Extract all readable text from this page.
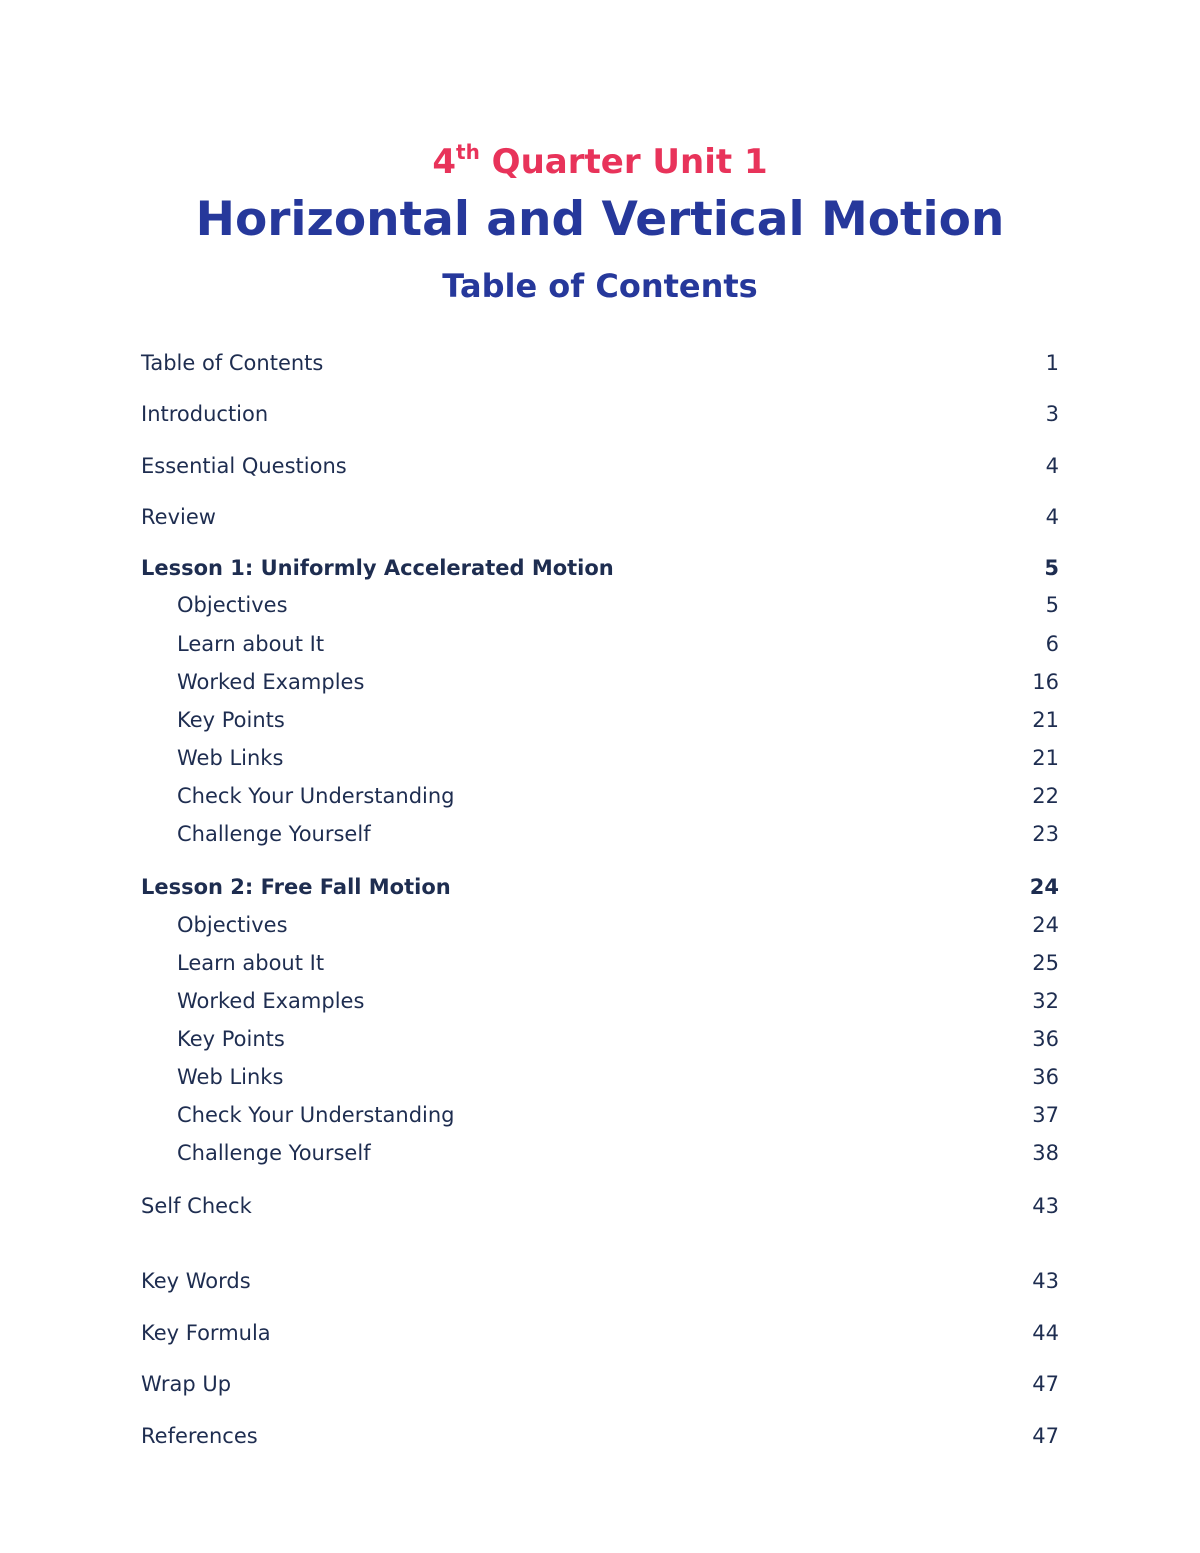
4th Quarter Unit 1
Horizontal and Vertical Motion
Table of Contents
Table of Contents	1
Introduction	3
Essential Questions	4
Review	4
Lesson 1: Uniformly Accelerated Motion	5
Objectives	5
Learn about It	6
Worked Examples	16
Key Points	21
Web Links	21
Check Your Understanding	22
Challenge Yourself	23
Lesson 2: Free Fall Motion	24
Objectives	24
Learn about It	25
Worked Examples	32
Key Points	36
Web Links	36
Check Your Understanding	37
Challenge Yourself	38
Self Check	43
Key Words	43
Key Formula	44
Wrap Up	47
References	47
